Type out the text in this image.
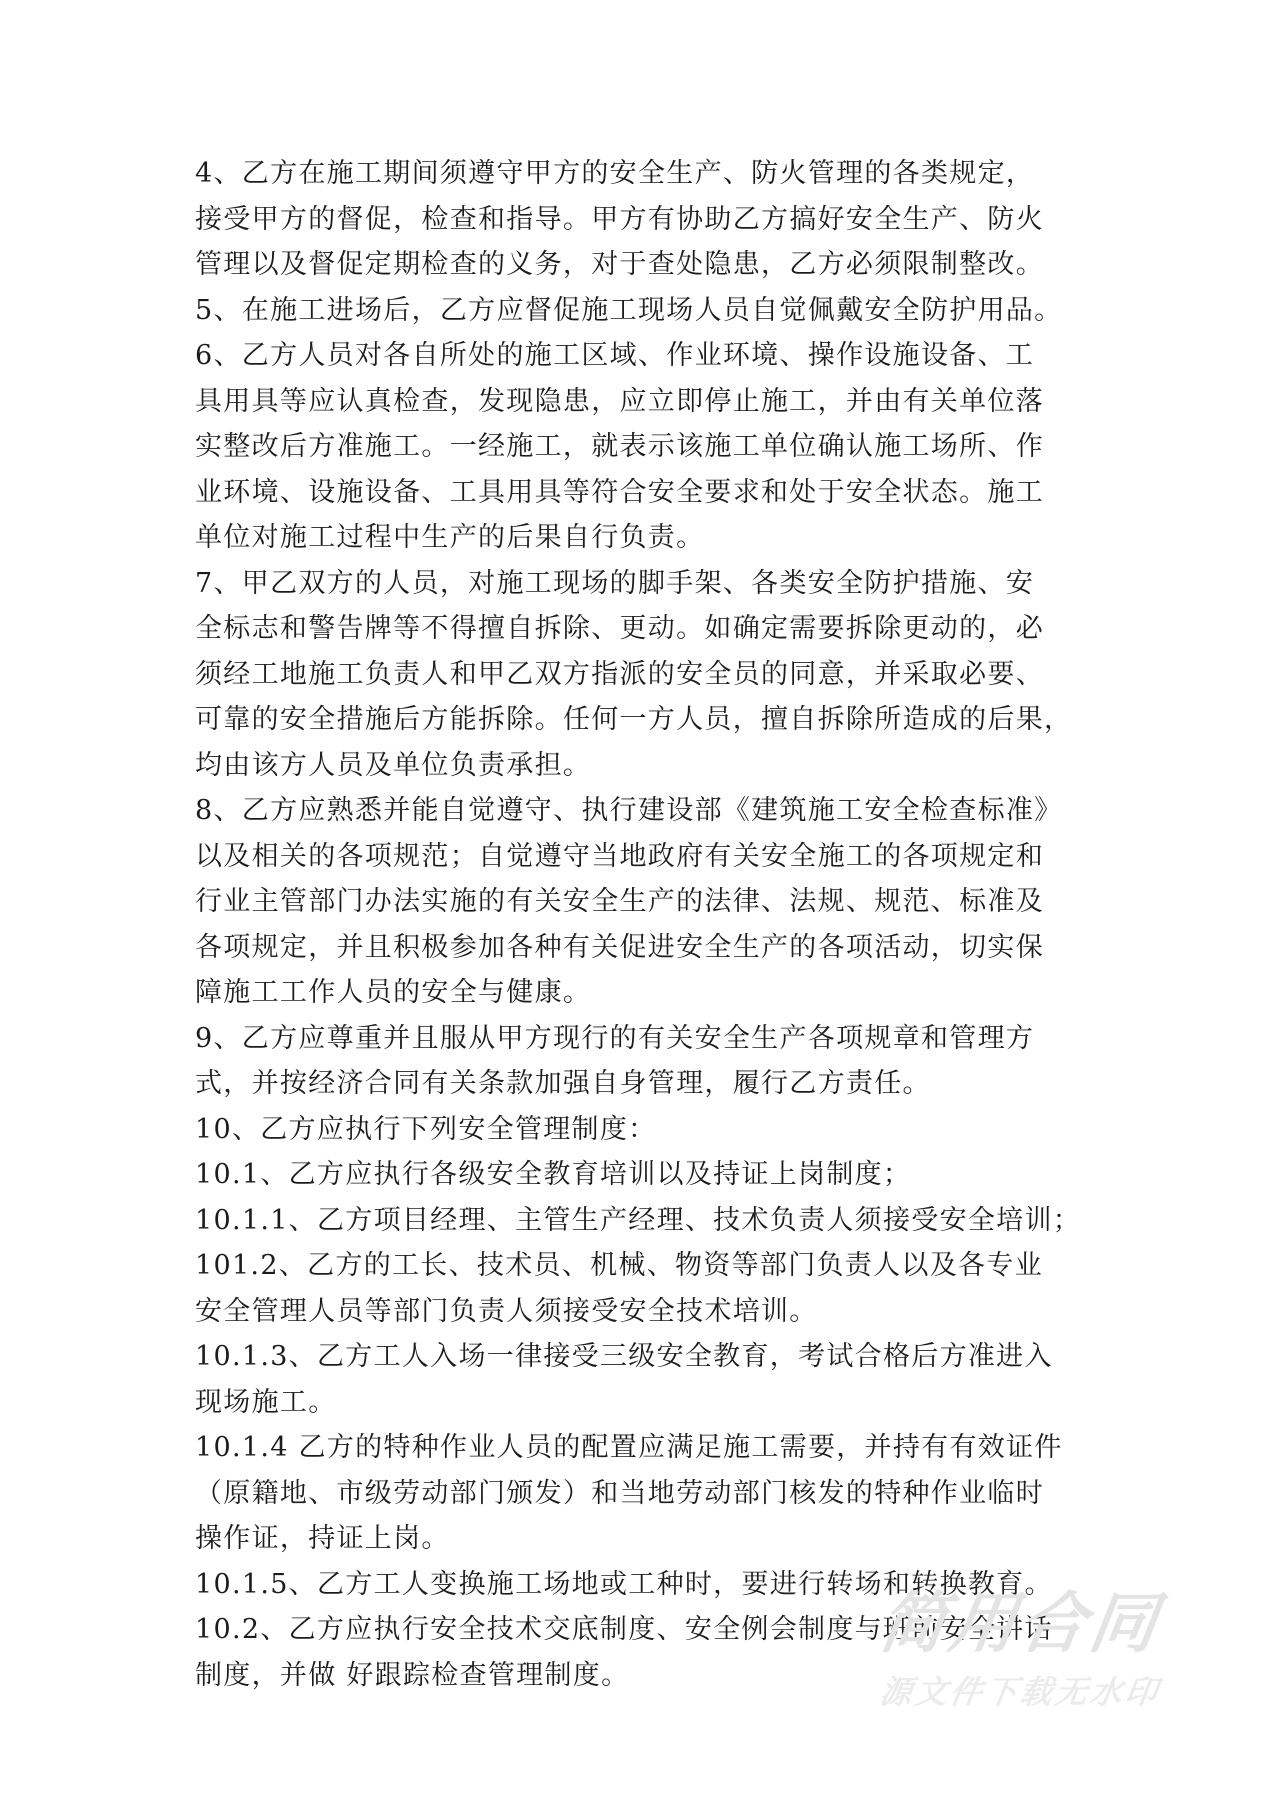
4、乙方在施工期间须遵守甲方的安全生产、防火管理的各类规定，
接受甲方的督促，检查和指导。甲方有协助乙方搞好安全生产、防火
管理以及督促定期检查的义务，对于查处隐患，乙方必须限制整改。
5、在施工进场后，乙方应督促施工现场人员自觉佩戴安全防护用品。
6、乙方人员对各自所处的施工区域、作业环境、操作设施设备、工
具用具等应认真检查，发现隐患，应立即停止施工，并由有关单位落
实整改后方准施工。一经施工，就表示该施工单位确认施工场所、作
业环境、设施设备、工具用具等符合安全要求和处于安全状态。施工
单位对施工过程中生产的后果自行负责。
7、甲乙双方的人员，对施工现场的脚手架、各类安全防护措施、安
全标志和警告牌等不得擅自拆除、更动。如确定需要拆除更动的，必
须经工地施工负责人和甲乙双方指派的安全员的同意，并采取必要、
可靠的安全措施后方能拆除。任何一方人员，擅自拆除所造成的后果，
均由该方人员及单位负责承担。
8、乙方应熟悉并能自觉遵守、执行建设部《建筑施工安全检查标准》
以及相关的各项规范；自觉遵守当地政府有关安全施工的各项规定和
行业主管部门办法实施的有关安全生产的法律、法规、规范、标准及
各项规定，并且积极参加各种有关促进安全生产的各项活动，切实保
障施工工作人员的安全与健康。
9、乙方应尊重并且服从甲方现行的有关安全生产各项规章和管理方
式，并按经济合同有关条款加强自身管理，履行乙方责任。
10、乙方应执行下列安全管理制度：
10.1、乙方应执行各级安全教育培训以及持证上岗制度；
10.1.1、乙方项目经理、主管生产经理、技术负责人须接受安全培训；
101.2、乙方的工长、技术员、机械、物资等部门负责人以及各专业
安全管理人员等部门负责人须接受安全技术培训。
10.1.3、乙方工人入场一律接受三级安全教育，考试合格后方准进入
现场施工。
10.1.4 乙方的特种作业人员的配置应满足施工需要，并持有有效证件
（原籍地、市级劳动部门颁发）和当地劳动部门核发的特种作业临时
操作证，持证上岗。
10.1.5、乙方工人变换施工场地或工种时，要进行转场和转换教育。
10.2、乙方应执行安全技术交底制度、安全例会制度与班前安全讲话
制度，并做 好跟踪检查管理制度。
简用合同
源文件下载无水印
